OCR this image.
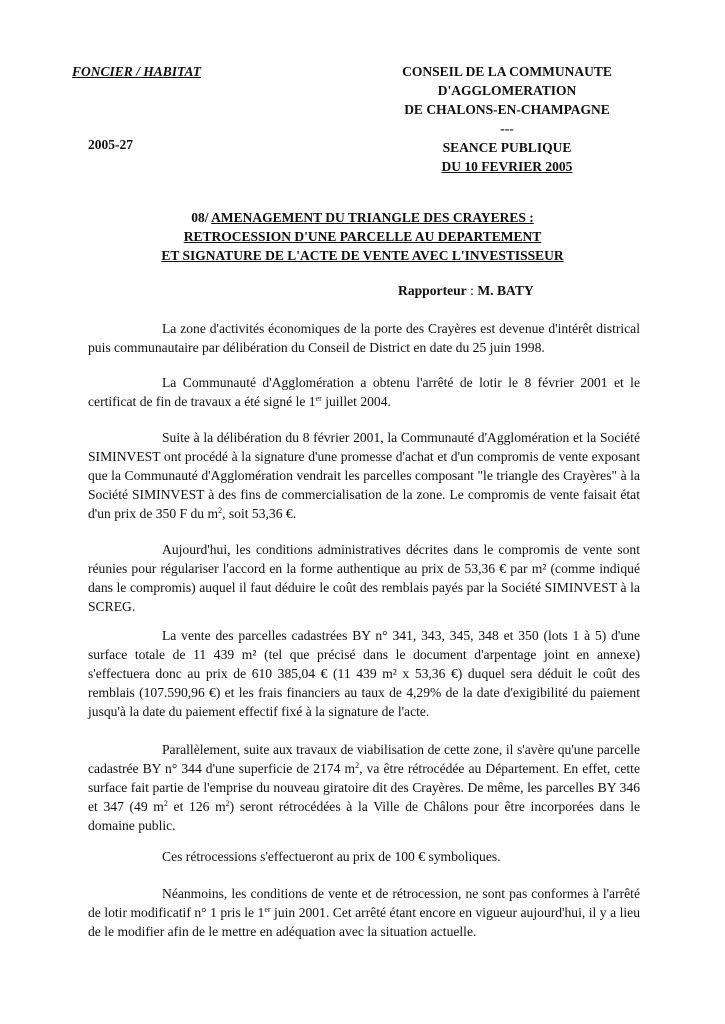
FONCIER / HABITAT
2005-27
CONSEIL DE LA COMMUNAUTE
D'AGGLOMERATION
DE CHALONS-EN-CHAMPAGNE
---
SEANCE PUBLIQUE
DU 10 FEVRIER 2005
08/ AMENAGEMENT DU TRIANGLE DES CRAYERES :
RETROCESSION D'UNE PARCELLE AU DEPARTEMENT
ET SIGNATURE DE L'ACTE DE VENTE AVEC L'INVESTISSEUR
Rapporteur : M. BATY

La zone d'activités économiques de la porte des Crayères est devenue d'intérêt districal puis communautaire par délibération du Conseil de District en date du 25 juin 1998.

La Communauté d'Agglomération a obtenu l'arrêté de lotir le 8 février 2001 et le certificat de fin de travaux a été signé le 1er juillet 2004.

Suite à la délibération du 8 février 2001, la Communauté d'Agglomération et la Société SIMINVEST ont procédé à la signature d'une promesse d'achat et d'un compromis de vente exposant que la Communauté d'Agglomération vendrait les parcelles composant "le triangle des Crayères" à la Société SIMINVEST à des fins de commercialisation de la zone. Le compromis de vente faisait état d'un prix de 350 F du $m^2$, soit 53,36 €.

Aujourd'hui, les conditions administratives décrites dans le compromis de vente sont réunies pour régulariser l'accord en la forme authentique au prix de 53,36 € par m² (comme indiqué dans le compromis) auquel il faut déduire le coût des remblais payés par la Société SIMINVEST à la SCREG.

La vente des parcelles cadastrées BY n° 341, 343, 345, 348 et 350 (lots 1 à 5) d'une surface totale de 11 439 m² (tel que précisé dans le document d'arpentage joint en annexe) s'effectuera donc au prix de 610 385,04 € (11 439 m² x 53,36 €) duquel sera déduit le coût des remblais (107.590,96 €) et les frais financiers au taux de 4,29% de la date d'exigibilité du paiement jusqu'à la date du paiement effectif fixé à la signature de l'acte.

Parallèlement, suite aux travaux de viabilisation de cette zone, il s'avère qu'une parcelle cadastrée BY n° 344 d'une superficie de 2174 $m^2$, va être rétrocédée au Département. En effet, cette surface fait partie de l'emprise du nouveau giratoire dit des Crayères. De même, les parcelles BY 346 et 347 (49 $m^2$ et 126 $m^2$) seront rétrocédées à la Ville de Châlons pour être incorporées dans le domaine public.

Ces rétrocessions s'effectueront au prix de 100 € symboliques.

Néanmoins, les conditions de vente et de rétrocession, ne sont pas conformes à l'arrêté de lotir modificatif n° 1 pris le 1er juin 2001. Cet arrêté étant encore en vigueur aujourd'hui, il y a lieu de le modifier afin de le mettre en adéquation avec la situation actuelle.
